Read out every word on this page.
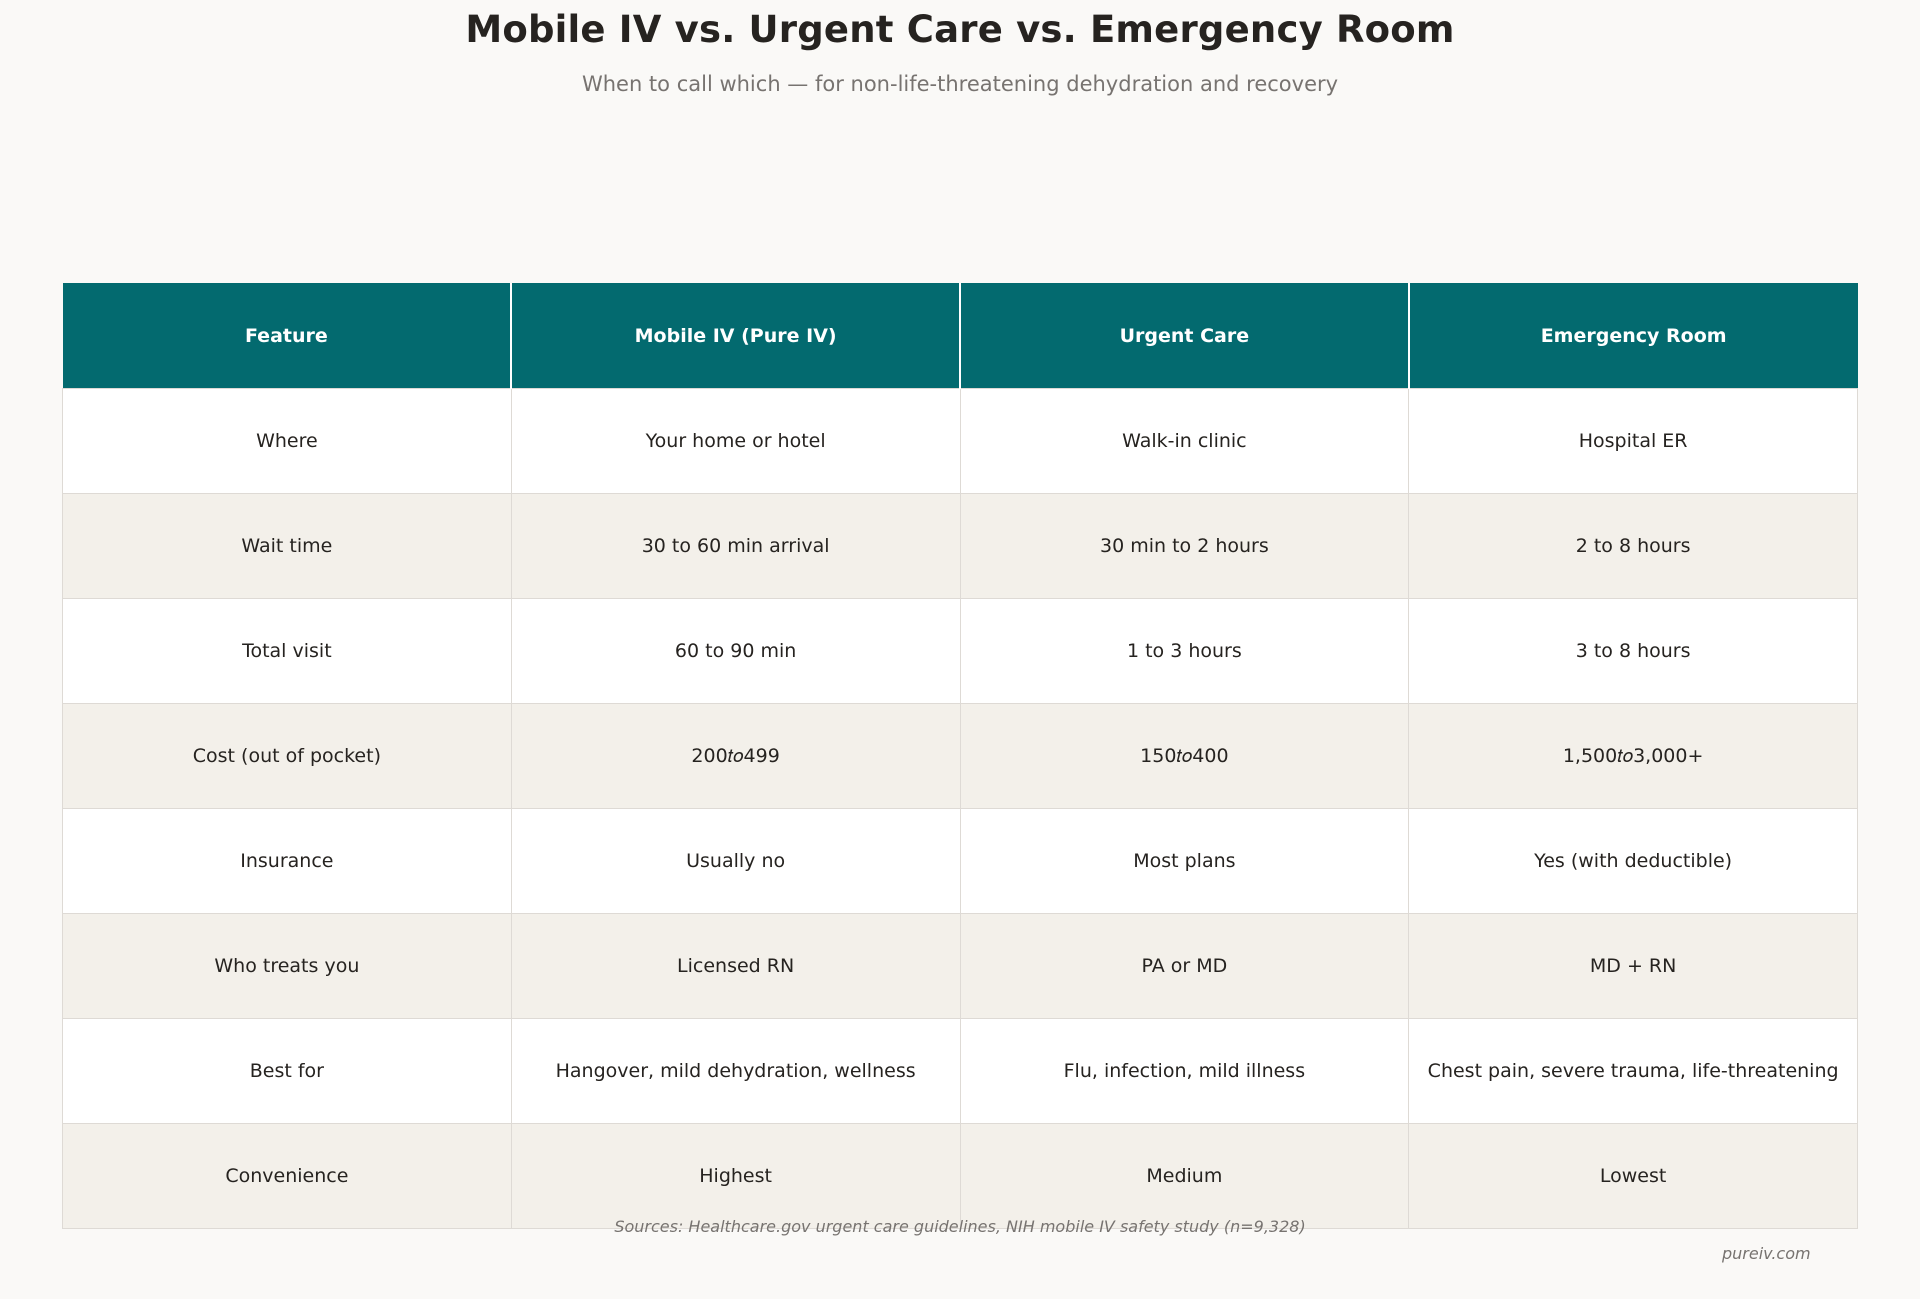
Mobile IV vs. Urgent Care vs. Emergency Room
When to call which — for non-life-threatening dehydration and recovery
Feature	Mobile IV (Pure IV)	Urgent Care	Emergency Room
Where	Your home or hotel	Walk-in clinic	Hospital ER
Wait time	30 to 60 min arrival	30 min to 2 hours	2 to 8 hours
Total visit	60 to 90 min	1 to 3 hours	3 to 8 hours
Cost (out of pocket)	200𝑡𝑜499	150𝑡𝑜400	1,500𝑡𝑜3,000+
Insurance	Usually no	Most plans	Yes (with deductible)
Who treats you	Licensed RN	PA or MD	MD + RN
Best for	Hangover, mild dehydration, wellness	Flu, infection, mild illness	Chest pain, severe trauma, life-threatening
Convenience	Highest	Medium	Lowest
Sources: Healthcare.gov urgent care guidelines, NIH mobile IV safety study (n=9,328)
pureiv.com
